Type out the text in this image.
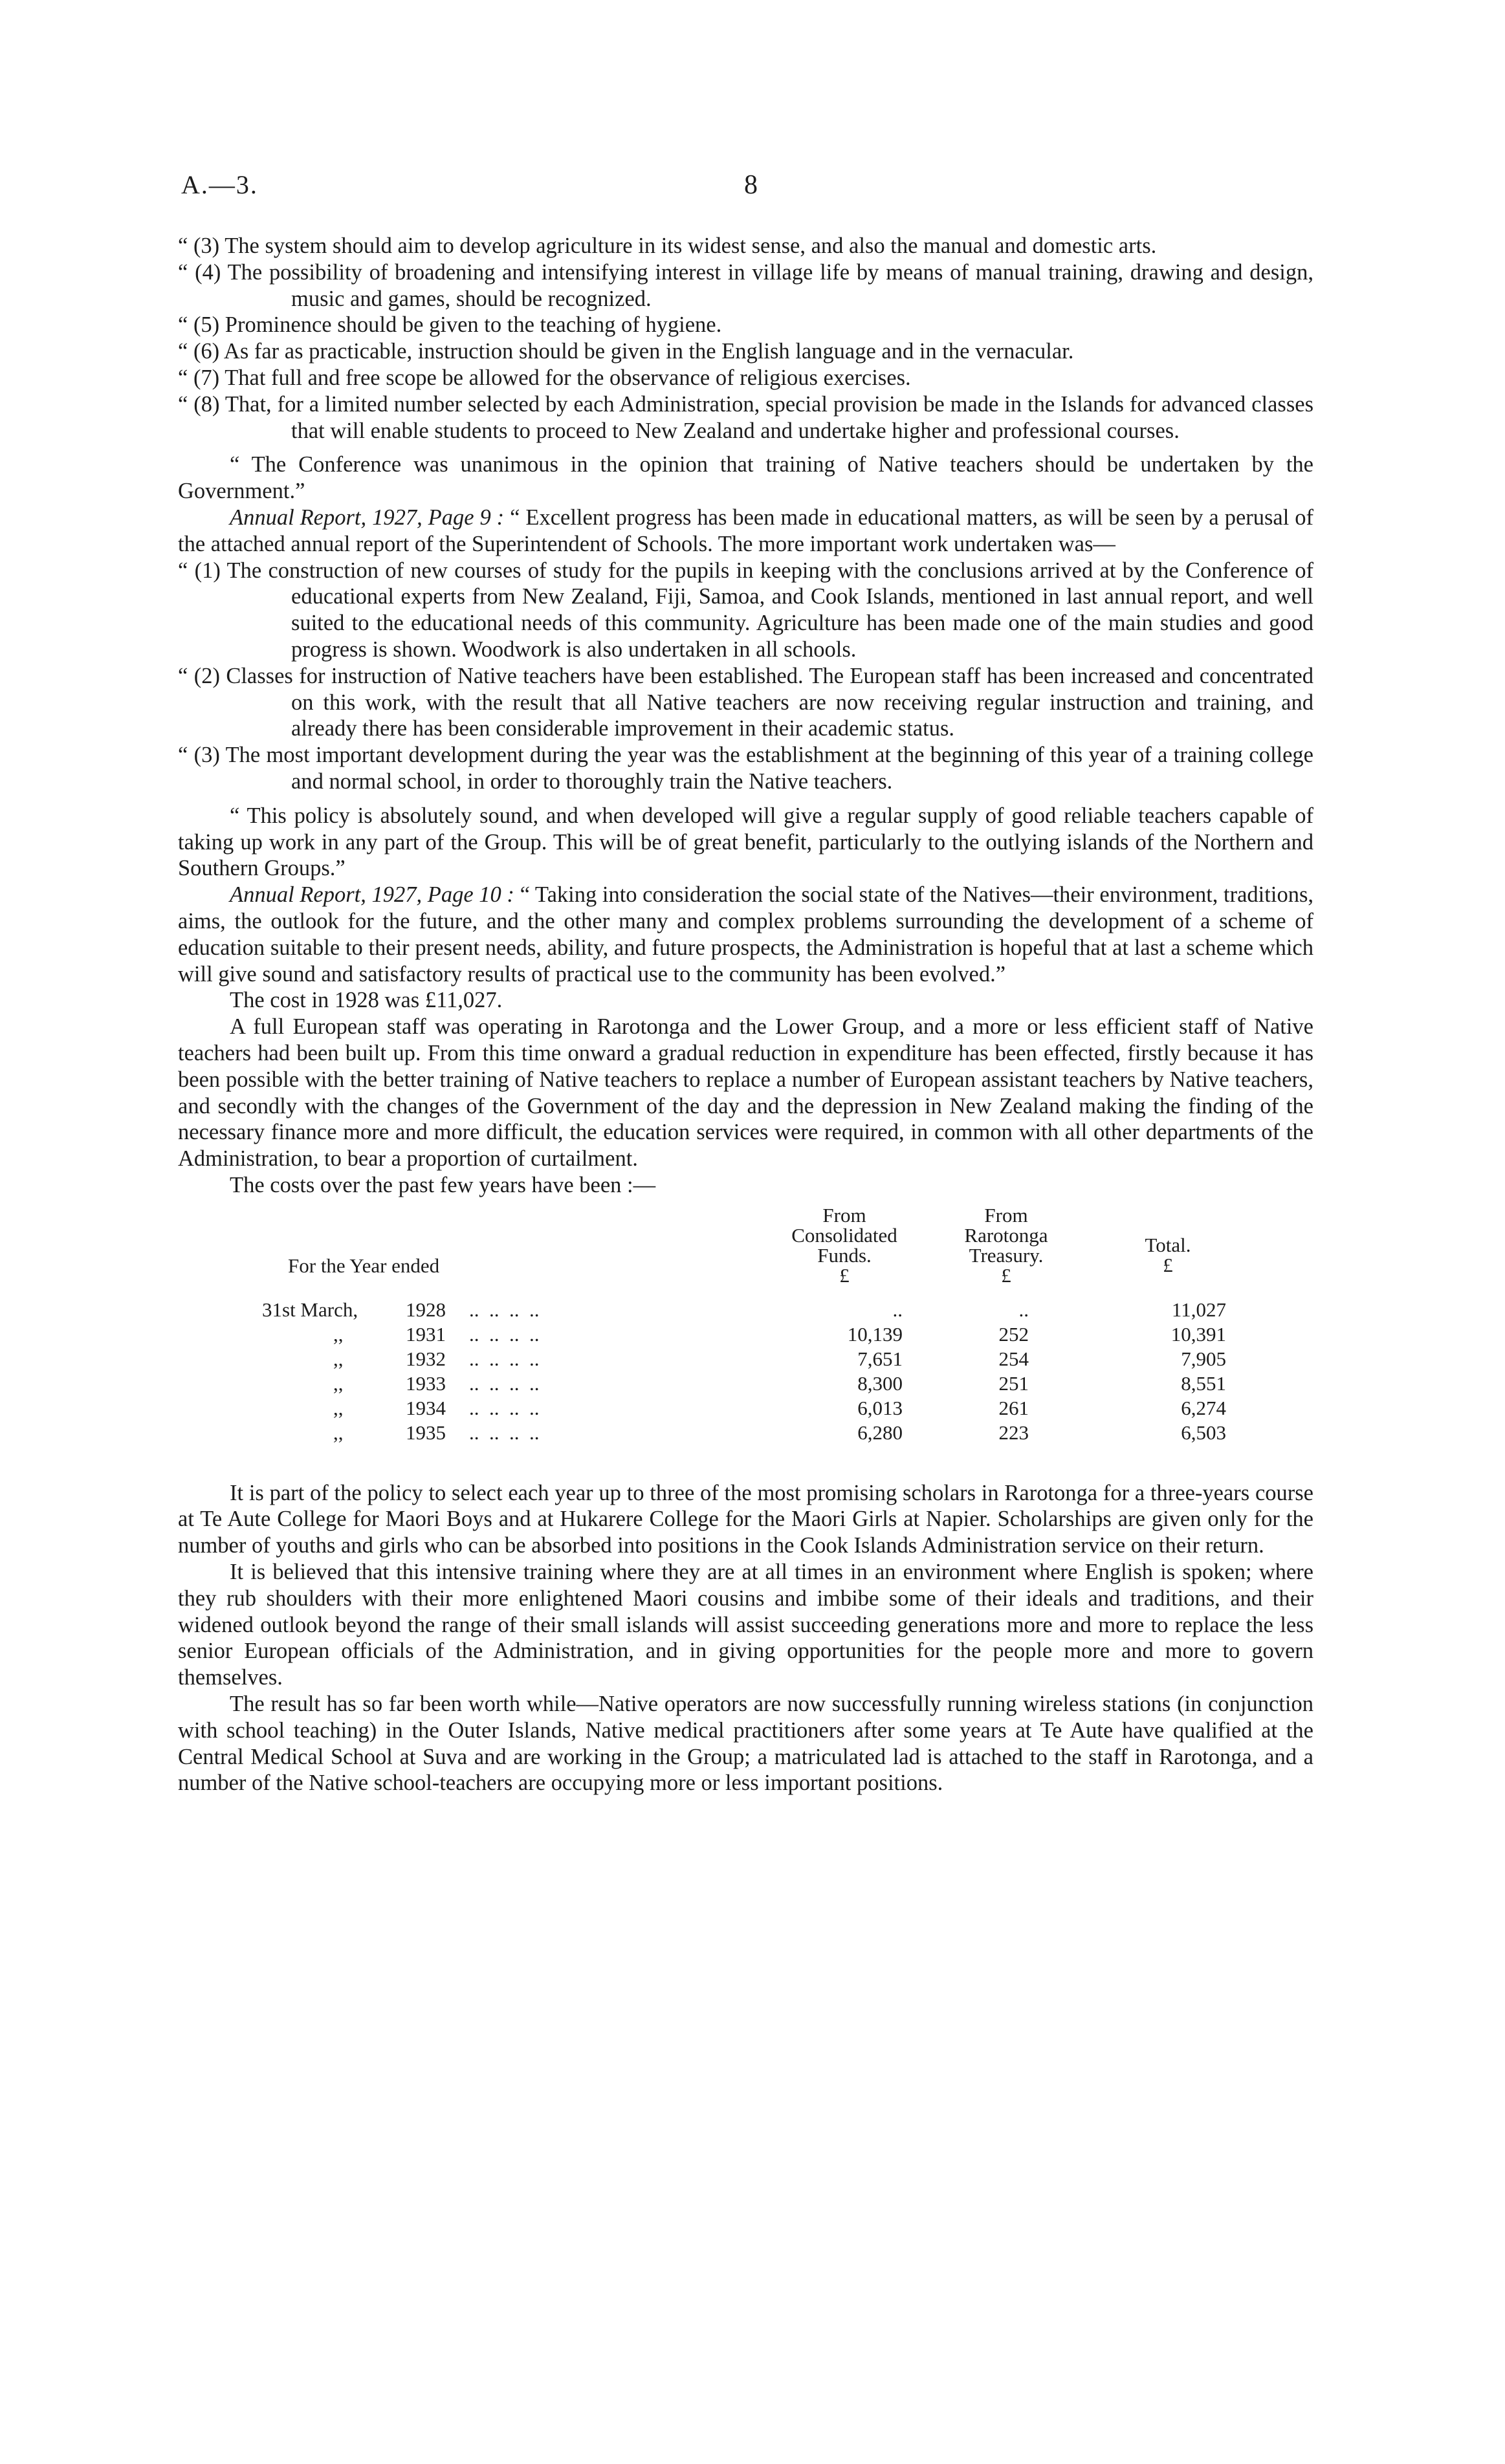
A.—3.	8

“ (3) The system should aim to develop agriculture in its widest sense, and also the manual and domestic arts.

“ (4) The possibility of broadening and intensifying interest in village life by means of manual training, drawing and design, music and games, should be recognized.

“ (5) Prominence should be given to the teaching of hygiene.

“ (6) As far as practicable, instruction should be given in the English language and in the vernacular.

“ (7) That full and free scope be allowed for the observance of religious exercises.

“ (8) That, for a limited number selected by each Administration, special provision be made in the Islands for advanced classes that will enable students to proceed to New Zealand and undertake higher and professional courses.

“ The Conference was unanimous in the opinion that training of Native teachers should be undertaken by the Government.”

Annual Report, 1927, Page 9 : “ Excellent progress has been made in educational matters, as will be seen by a perusal of the attached annual report of the Superintendent of Schools. The more important work undertaken was—

“ (1) The construction of new courses of study for the pupils in keeping with the conclusions arrived at by the Conference of educational experts from New Zealand, Fiji, Samoa, and Cook Islands, mentioned in last annual report, and well suited to the educational needs of this community. Agriculture has been made one of the main studies and good progress is shown. Woodwork is also undertaken in all schools.

“ (2) Classes for instruction of Native teachers have been established. The European staff has been increased and concentrated on this work, with the result that all Native teachers are now receiving regular instruction and training, and already there has been considerable improvement in their academic status.

“ (3) The most important development during the year was the establishment at the beginning of this year of a training college and normal school, in order to thoroughly train the Native teachers.

“ This policy is absolutely sound, and when developed will give a regular supply of good reliable teachers capable of taking up work in any part of the Group. This will be of great benefit, particularly to the outlying islands of the Northern and Southern Groups.”

Annual Report, 1927, Page 10 : “ Taking into consideration the social state of the Natives—their environment, traditions, aims, the outlook for the future, and the other many and complex problems surrounding the development of a scheme of education suitable to their present needs, ability, and future prospects, the Administration is hopeful that at last a scheme which will give sound and satisfactory results of practical use to the community has been evolved.”

The cost in 1928 was £11,027.

A full European staff was operating in Rarotonga and the Lower Group, and a more or less efficient staff of Native teachers had been built up. From this time onward a gradual reduction in expenditure has been effected, firstly because it has been possible with the better training of Native teachers to replace a number of European assistant teachers by Native teachers, and secondly with the changes of the Government of the day and the depression in New Zealand making the finding of the necessary finance more and more difficult, the education services were required, in common with all other departments of the Administration, to bear a proportion of curtailment.

The costs over the past few years have been :—

For the Year ended
From
Consolidated
Funds.
£
From
Rarotonga
Treasury.
£
Total.
£
31st March, 1928 ..  ..  ..  ..	..	..	11,027
,,	1931 ..  ..  ..  ..	10,139	252	10,391
,,	1932 ..  ..  ..  ..	7,651	254	7,905
,,	1933 ..  ..  ..  ..	8,300	251	8,551
,,	1934 ..  ..  ..  ..	6,013	261	6,274
,,	1935 ..  ..  ..  ..	6,280	223	6,503

It is part of the policy to select each year up to three of the most promising scholars in Rarotonga for a three-years course at Te Aute College for Maori Boys and at Hukarere College for the Maori Girls at Napier. Scholarships are given only for the number of youths and girls who can be absorbed into positions in the Cook Islands Administration service on their return.

It is believed that this intensive training where they are at all times in an environment where English is spoken; where they rub shoulders with their more enlightened Maori cousins and imbibe some of their ideals and traditions, and their widened outlook beyond the range of their small islands will assist succeeding generations more and more to replace the less senior European officials of the Administration, and in giving opportunities for the people more and more to govern themselves.

The result has so far been worth while—Native operators are now successfully running wireless stations (in conjunction with school teaching) in the Outer Islands, Native medical practitioners after some years at Te Aute have qualified at the Central Medical School at Suva and are working in the Group; a matriculated lad is attached to the staff in Rarotonga, and a number of the Native school-teachers are occupying more or less important positions.
